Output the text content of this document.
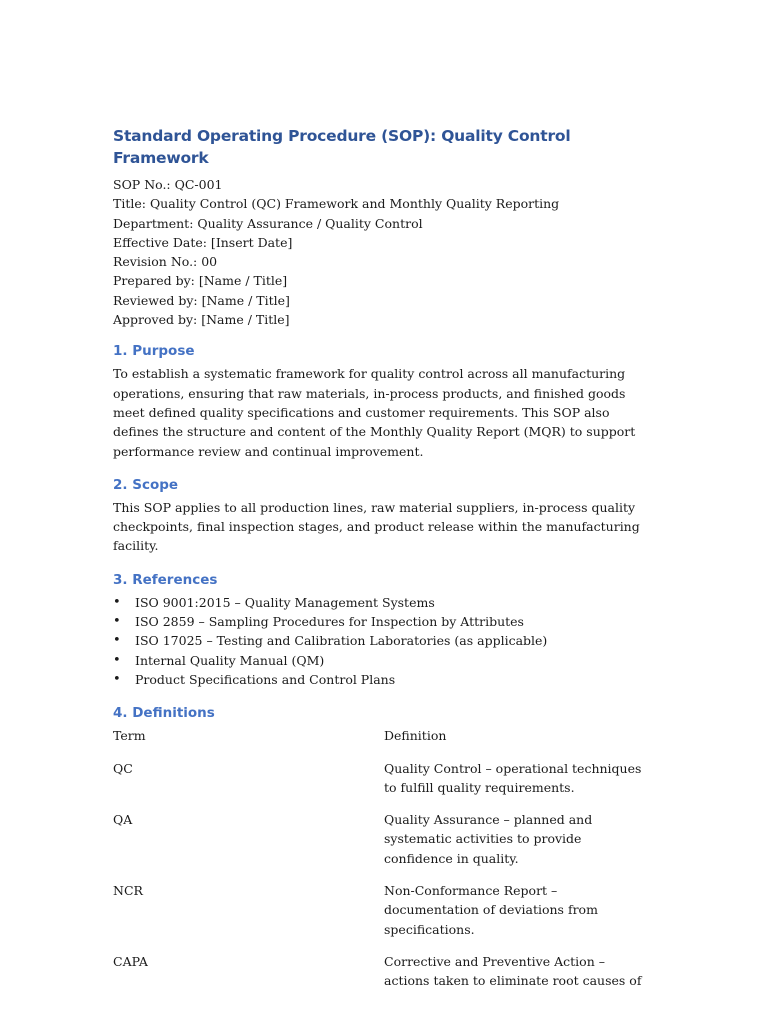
Standard Operating Procedure (SOP): Quality Control Framework

SOP No.: QC-001

Title: Quality Control (QC) Framework and Monthly Quality Reporting

Department: Quality Assurance / Quality Control

Effective Date: [Insert Date]

Revision No.: 00

Prepared by: [Name / Title]

Reviewed by: [Name / Title]

Approved by: [Name / Title]

1. Purpose

To establish a systematic framework for quality control across all manufacturing operations, ensuring that raw materials, in-process products, and finished goods meet defined quality specifications and customer requirements. This SOP also defines the structure and content of the Monthly Quality Report (MQR) to support performance review and continual improvement.

2. Scope

This SOP applies to all production lines, raw material suppliers, in-process quality checkpoints, final inspection stages, and product release within the manufacturing facility.

3. References
• ISO 9001:2015 – Quality Management Systems
• ISO 2859 – Sampling Procedures for Inspection by Attributes
• ISO 17025 – Testing and Calibration Laboratories (as applicable)
• Internal Quality Manual (QM)
• Product Specifications and Control Plans
4. Definitions
Term	Definition
QC	Quality Control – operational techniques to fulfill quality requirements.
QA	Quality Assurance – planned and systematic activities to provide confidence in quality.
NCR	Non-Conformance Report – documentation of deviations from specifications.
CAPA	Corrective and Preventive Action – actions taken to eliminate root causes of
